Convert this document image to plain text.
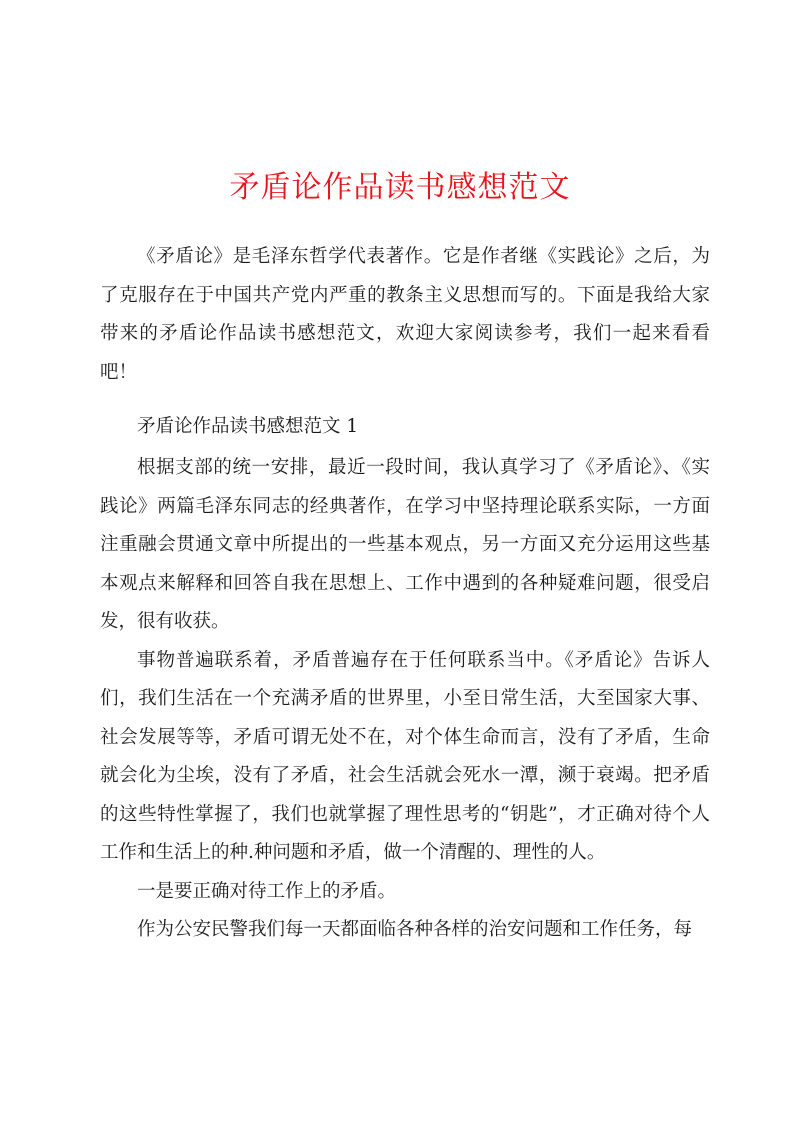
矛盾论作品读书感想范文

《矛盾论》是毛泽东哲学代表著作。它是作者继《实践论》之后，为了克服存在于中国共产党内严重的教条主义思想而写的。下面是我给大家带来的矛盾论作品读书感想范文，欢迎大家阅读参考，我们一起来看看吧！

矛盾论作品读书感想范文 1

根据支部的统一安排，最近一段时间，我认真学习了《矛盾论》、《实践论》两篇毛泽东同志的经典著作，在学习中坚持理论联系实际，一方面注重融会贯通文章中所提出的一些基本观点，另一方面又充分运用这些基本观点来解释和回答自我在思想上、工作中遇到的各种疑难问题，很受启发，很有收获。

事物普遍联系着，矛盾普遍存在于任何联系当中。《矛盾论》告诉人们，我们生活在一个充满矛盾的世界里，小至日常生活，大至国家大事、社会发展等等，矛盾可谓无处不在，对个体生命而言，没有了矛盾，生命就会化为尘埃，没有了矛盾，社会生活就会死水一潭，濒于衰竭。把矛盾的这些特性掌握了，我们也就掌握了理性思考的“钥匙”，才正确对待个人工作和生活上的种.种问题和矛盾，做一个清醒的、理性的人。

一是要正确对待工作上的矛盾。

作为公安民警我们每一天都面临各种各样的治安问题和工作任务，每
